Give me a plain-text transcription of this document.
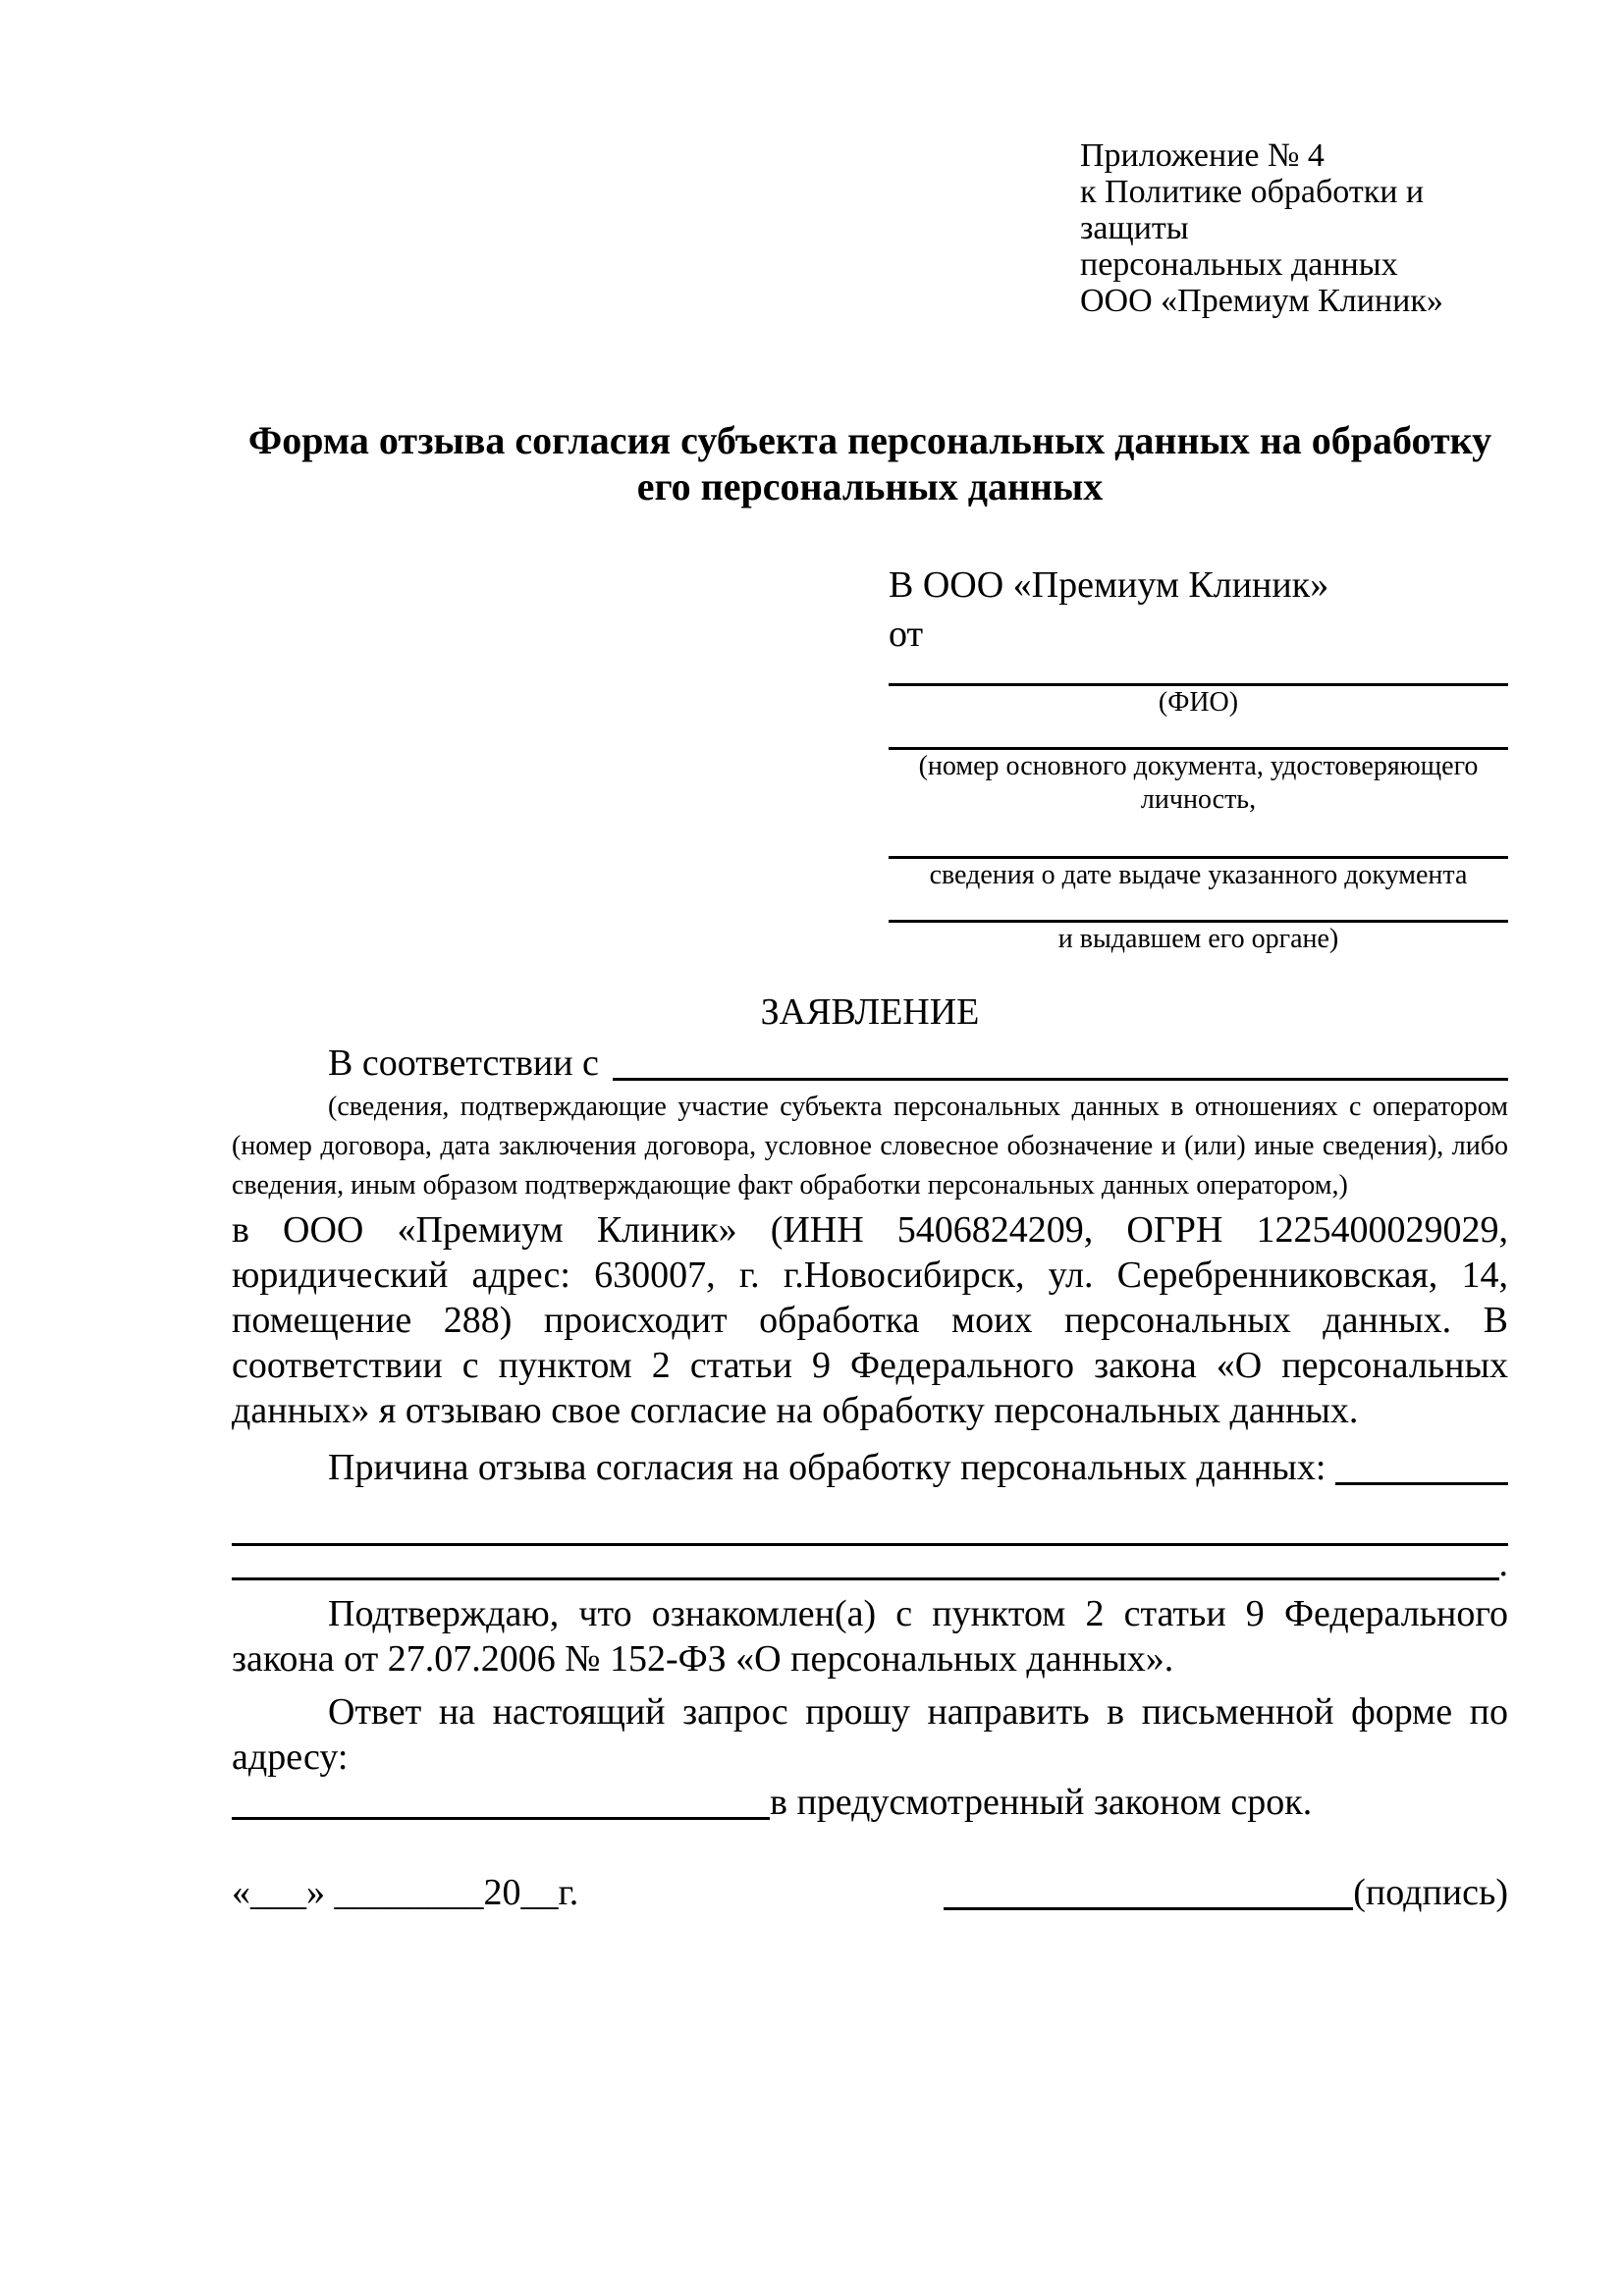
Приложение № 4
к Политике обработки и защиты
персональных данных
ООО «Премиум Клиник»
Форма отзыва согласия субъекта персональных данных на обработку его персональных данных
В ООО «Премиум Клиник»
от
(ФИО)
(номер основного документа, удостоверяющего личность,
сведения о дате выдаче указанного документа
и выдавшем его органе)
ЗАЯВЛЕНИЕ
В соответствии с

(сведения, подтверждающие участие субъекта персональных данных в отношениях с оператором (номер договора, дата заключения договора, условное словесное обозначение и (или) иные сведения), либо сведения, иным образом подтверждающие факт обработки персональных данных оператором,)

в ООО «Премиум Клиник» (ИНН 5406824209, ОГРН 1225400029029, юридический адрес: 630007, г. г.Новосибирск, ул. Серебренниковская, 14, помещение 288) происходит обработка моих персональных данных. В соответствии с пунктом 2 статьи 9 Федерального закона «О персональных данных» я отзываю свое согласие на обработку персональных данных.

Причина отзыва согласия на обработку персональных данных:
.

Подтверждаю, что ознакомлен(а) с пунктом 2 статьи 9 Федерального закона от 27.07.2006 № 152-ФЗ «О персональных данных».

Ответ на настоящий запрос прошу направить в письменной форме по адресу:

в предусмотренный законом срок.
«___» ________20__г.	(подпись)
